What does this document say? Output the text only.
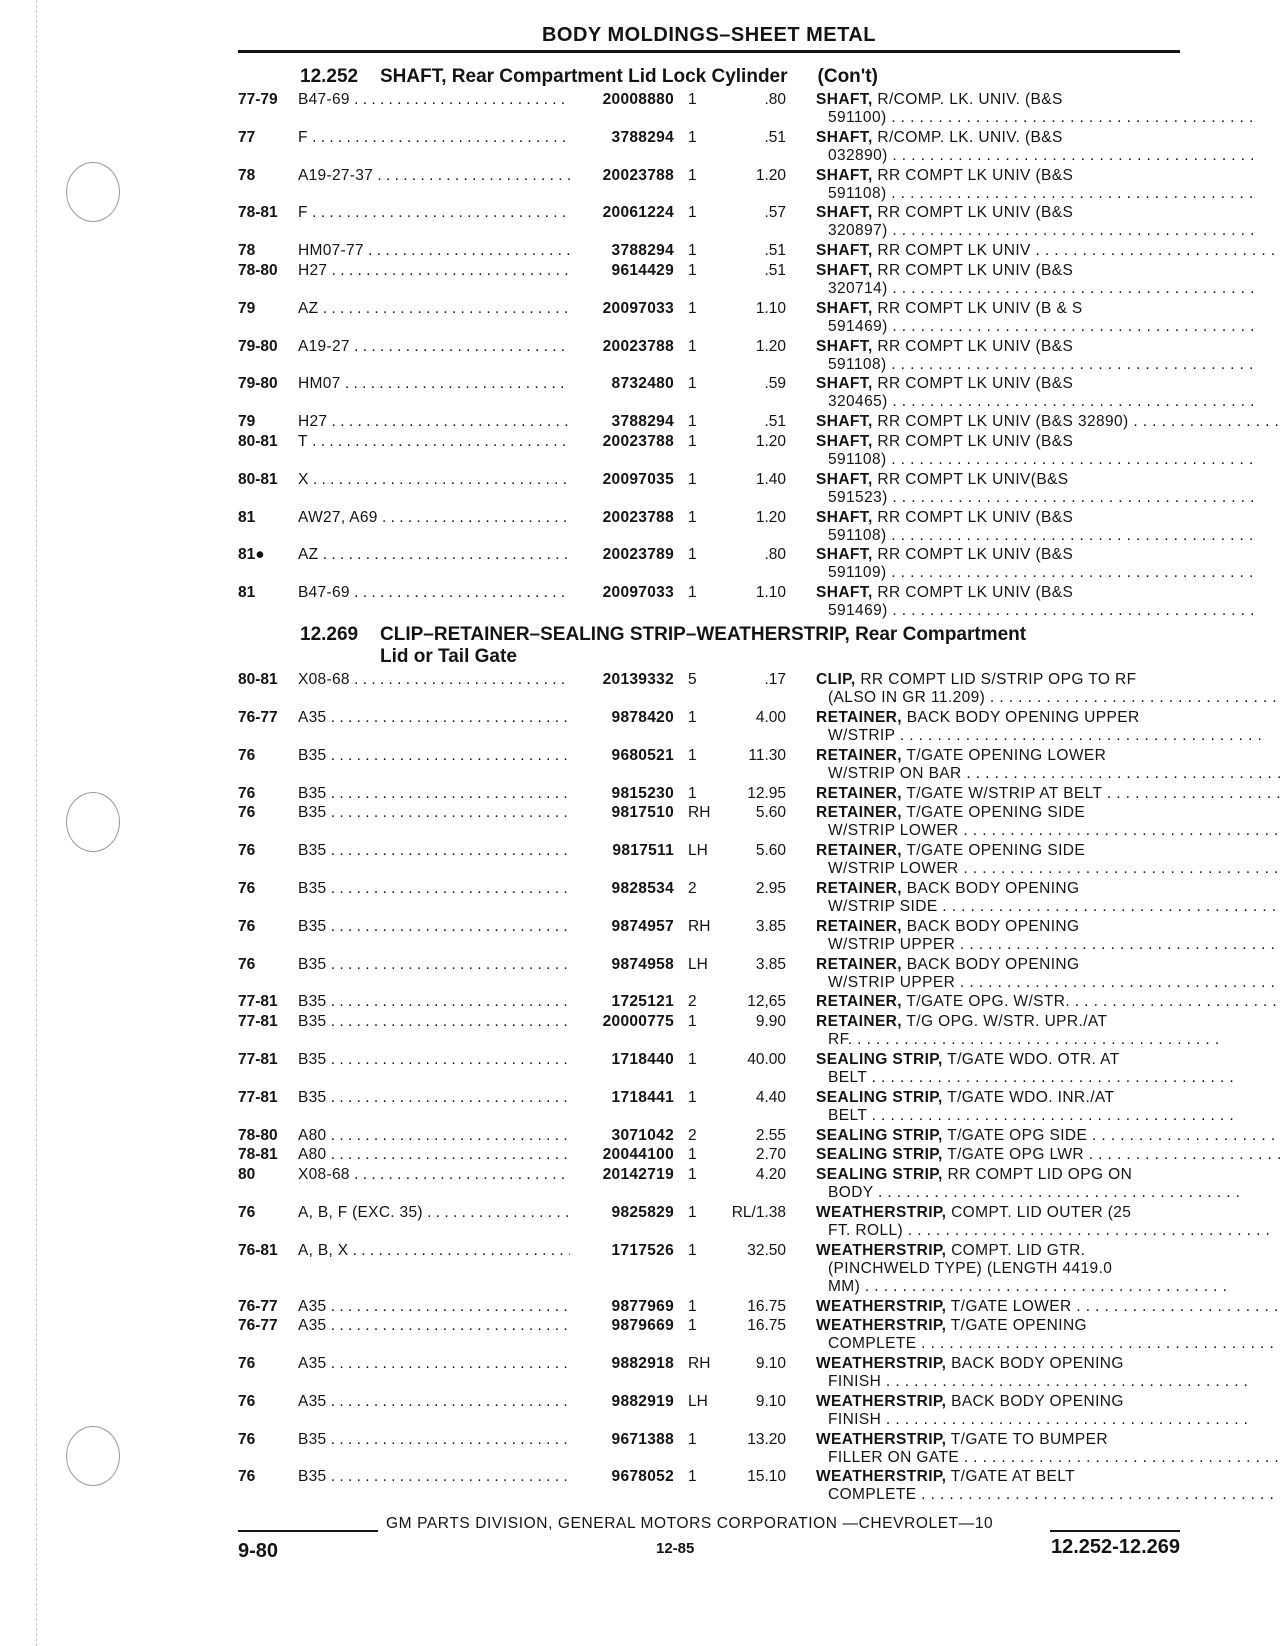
BODY MOLDINGS–SHEET METAL
12.252	SHAFT, Rear Compartment Lid Lock Cylinder (Con't)
77-79	B47-69 . . .	20008880 1	.80 SHAFT, R/COMP. LK. UNIV. (B&S
591100) . . .
77	F . . .	3788294 1	.51 SHAFT, R/COMP. LK. UNIV. (B&S
032890) . . .
78	A19-27-37 . . .	20023788 1	1.20 SHAFT, RR COMPT LK UNIV (B&S
591108) . . .
78-81	F . . .	20061224 1	.57 SHAFT, RR COMPT LK UNIV (B&S
320897) . . .
78	HM07-77 . . .	3788294 1	.51 SHAFT, RR COMPT LK UNIV . . .
78-80	H27 . . .	9614429 1	.51 SHAFT, RR COMPT LK UNIV (B&S
320714) . . .
79	AZ . . .	20097033 1	1.10 SHAFT, RR COMPT LK UNIV (B & S
591469) . . .
79-80	A19-27 . . .	20023788 1	1.20 SHAFT, RR COMPT LK UNIV (B&S
591108) . . .
79-80	HM07 . . .	8732480 1	.59 SHAFT, RR COMPT LK UNIV (B&S
320465) . . .
79	H27 . . .	3788294 1	.51 SHAFT, RR COMPT LK UNIV (B&S 32890) . . .
80-81	T . . .	20023788 1	1.20 SHAFT, RR COMPT LK UNIV (B&S
591108) . . .
80-81	X . . .	20097035 1	1.40 SHAFT, RR COMPT LK UNIV(B&S
591523) . . .
81	AW27, A69 . . .	20023788 1	1.20 SHAFT, RR COMPT LK UNIV (B&S
591108) . . .
81●	AZ . . .	20023789 1	.80 SHAFT, RR COMPT LK UNIV (B&S
591109) . . .
81	B47-69 . . .	20097033 1	1.10 SHAFT, RR COMPT LK UNIV (B&S
591469) . . .
12.269	CLIP–RETAINER–SEALING STRIP–WEATHERSTRIP, Rear Compartment
Lid or Tail Gate
80-81	X08-68 . . .	20139332 5	.17 CLIP, RR COMPT LID S/STRIP OPG TO RF
(ALSO IN GR 11.209) . . .
76-77	A35 . . .	9878420 1	4.00 RETAINER, BACK BODY OPENING UPPER
W/STRIP . . .
76	B35 . . .	9680521 1	11.30 RETAINER, T/GATE OPENING LOWER
W/STRIP ON BAR . . .
76	B35 . . .	9815230 1	12.95 RETAINER, T/GATE W/STRIP AT BELT . . .
76	B35 . . .	9817510 RH	5.60 RETAINER, T/GATE OPENING SIDE
W/STRIP LOWER . . .
76	B35 . . .	9817511 LH	5.60 RETAINER, T/GATE OPENING SIDE
W/STRIP LOWER . . .
76	B35 . . .	9828534 2	2.95 RETAINER, BACK BODY OPENING
W/STRIP SIDE . . .
76	B35 . . .	9874957 RH	3.85 RETAINER, BACK BODY OPENING
W/STRIP UPPER . . .
76	B35 . . .	9874958 LH	3.85 RETAINER, BACK BODY OPENING
W/STRIP UPPER . . .
77-81	B35 . . .	1725121 2	12,65 RETAINER, T/GATE OPG. W/STR. . . .
77-81	B35 . . .	20000775 1	9.90 RETAINER, T/G OPG. W/STR. UPR./AT
RF. . . .
77-81	B35 . . .	1718440 1	40.00 SEALING STRIP, T/GATE WDO. OTR. AT
BELT . . .
77-81	B35 . . .	1718441 1	4.40 SEALING STRIP, T/GATE WDO. INR./AT
BELT . . .
78-80	A80 . . .	3071042 2	2.55 SEALING STRIP, T/GATE OPG SIDE . . .
78-81	A80 . . .	20044100 1	2.70 SEALING STRIP, T/GATE OPG LWR . . .
80	X08-68 . . .	20142719 1	4.20 SEALING STRIP, RR COMPT LID OPG ON
BODY . . .
76	A, B, F (EXC. 35) . . .	9825829 1	RL/1.38 WEATHERSTRIP, COMPT. LID OUTER (25
FT. ROLL) . . .
76-81	A, B, X . . .	1717526 1	32.50 WEATHERSTRIP, COMPT. LID GTR.
(PINCHWELD TYPE) (LENGTH 4419.0
MM) . . .
76-77	A35 . . .	9877969 1	16.75 WEATHERSTRIP, T/GATE LOWER . . .
76-77	A35 . . .	9879669 1	16.75 WEATHERSTRIP, T/GATE OPENING
COMPLETE . . .
76	A35 . . .	9882918 RH	9.10 WEATHERSTRIP, BACK BODY OPENING
FINISH . . .
76	A35 . . .	9882919 LH	9.10 WEATHERSTRIP, BACK BODY OPENING
FINISH . . .
76	B35 . . .	9671388 1	13.20 WEATHERSTRIP, T/GATE TO BUMPER
FILLER ON GATE . . .
76	B35 . . .	9678052 1	15.10 WEATHERSTRIP, T/GATE AT BELT
COMPLETE . . .
GM PARTS DIVISION, GENERAL MOTORS CORPORATION —CHEVROLET—10
9-80	12-85	12.252-12.269
